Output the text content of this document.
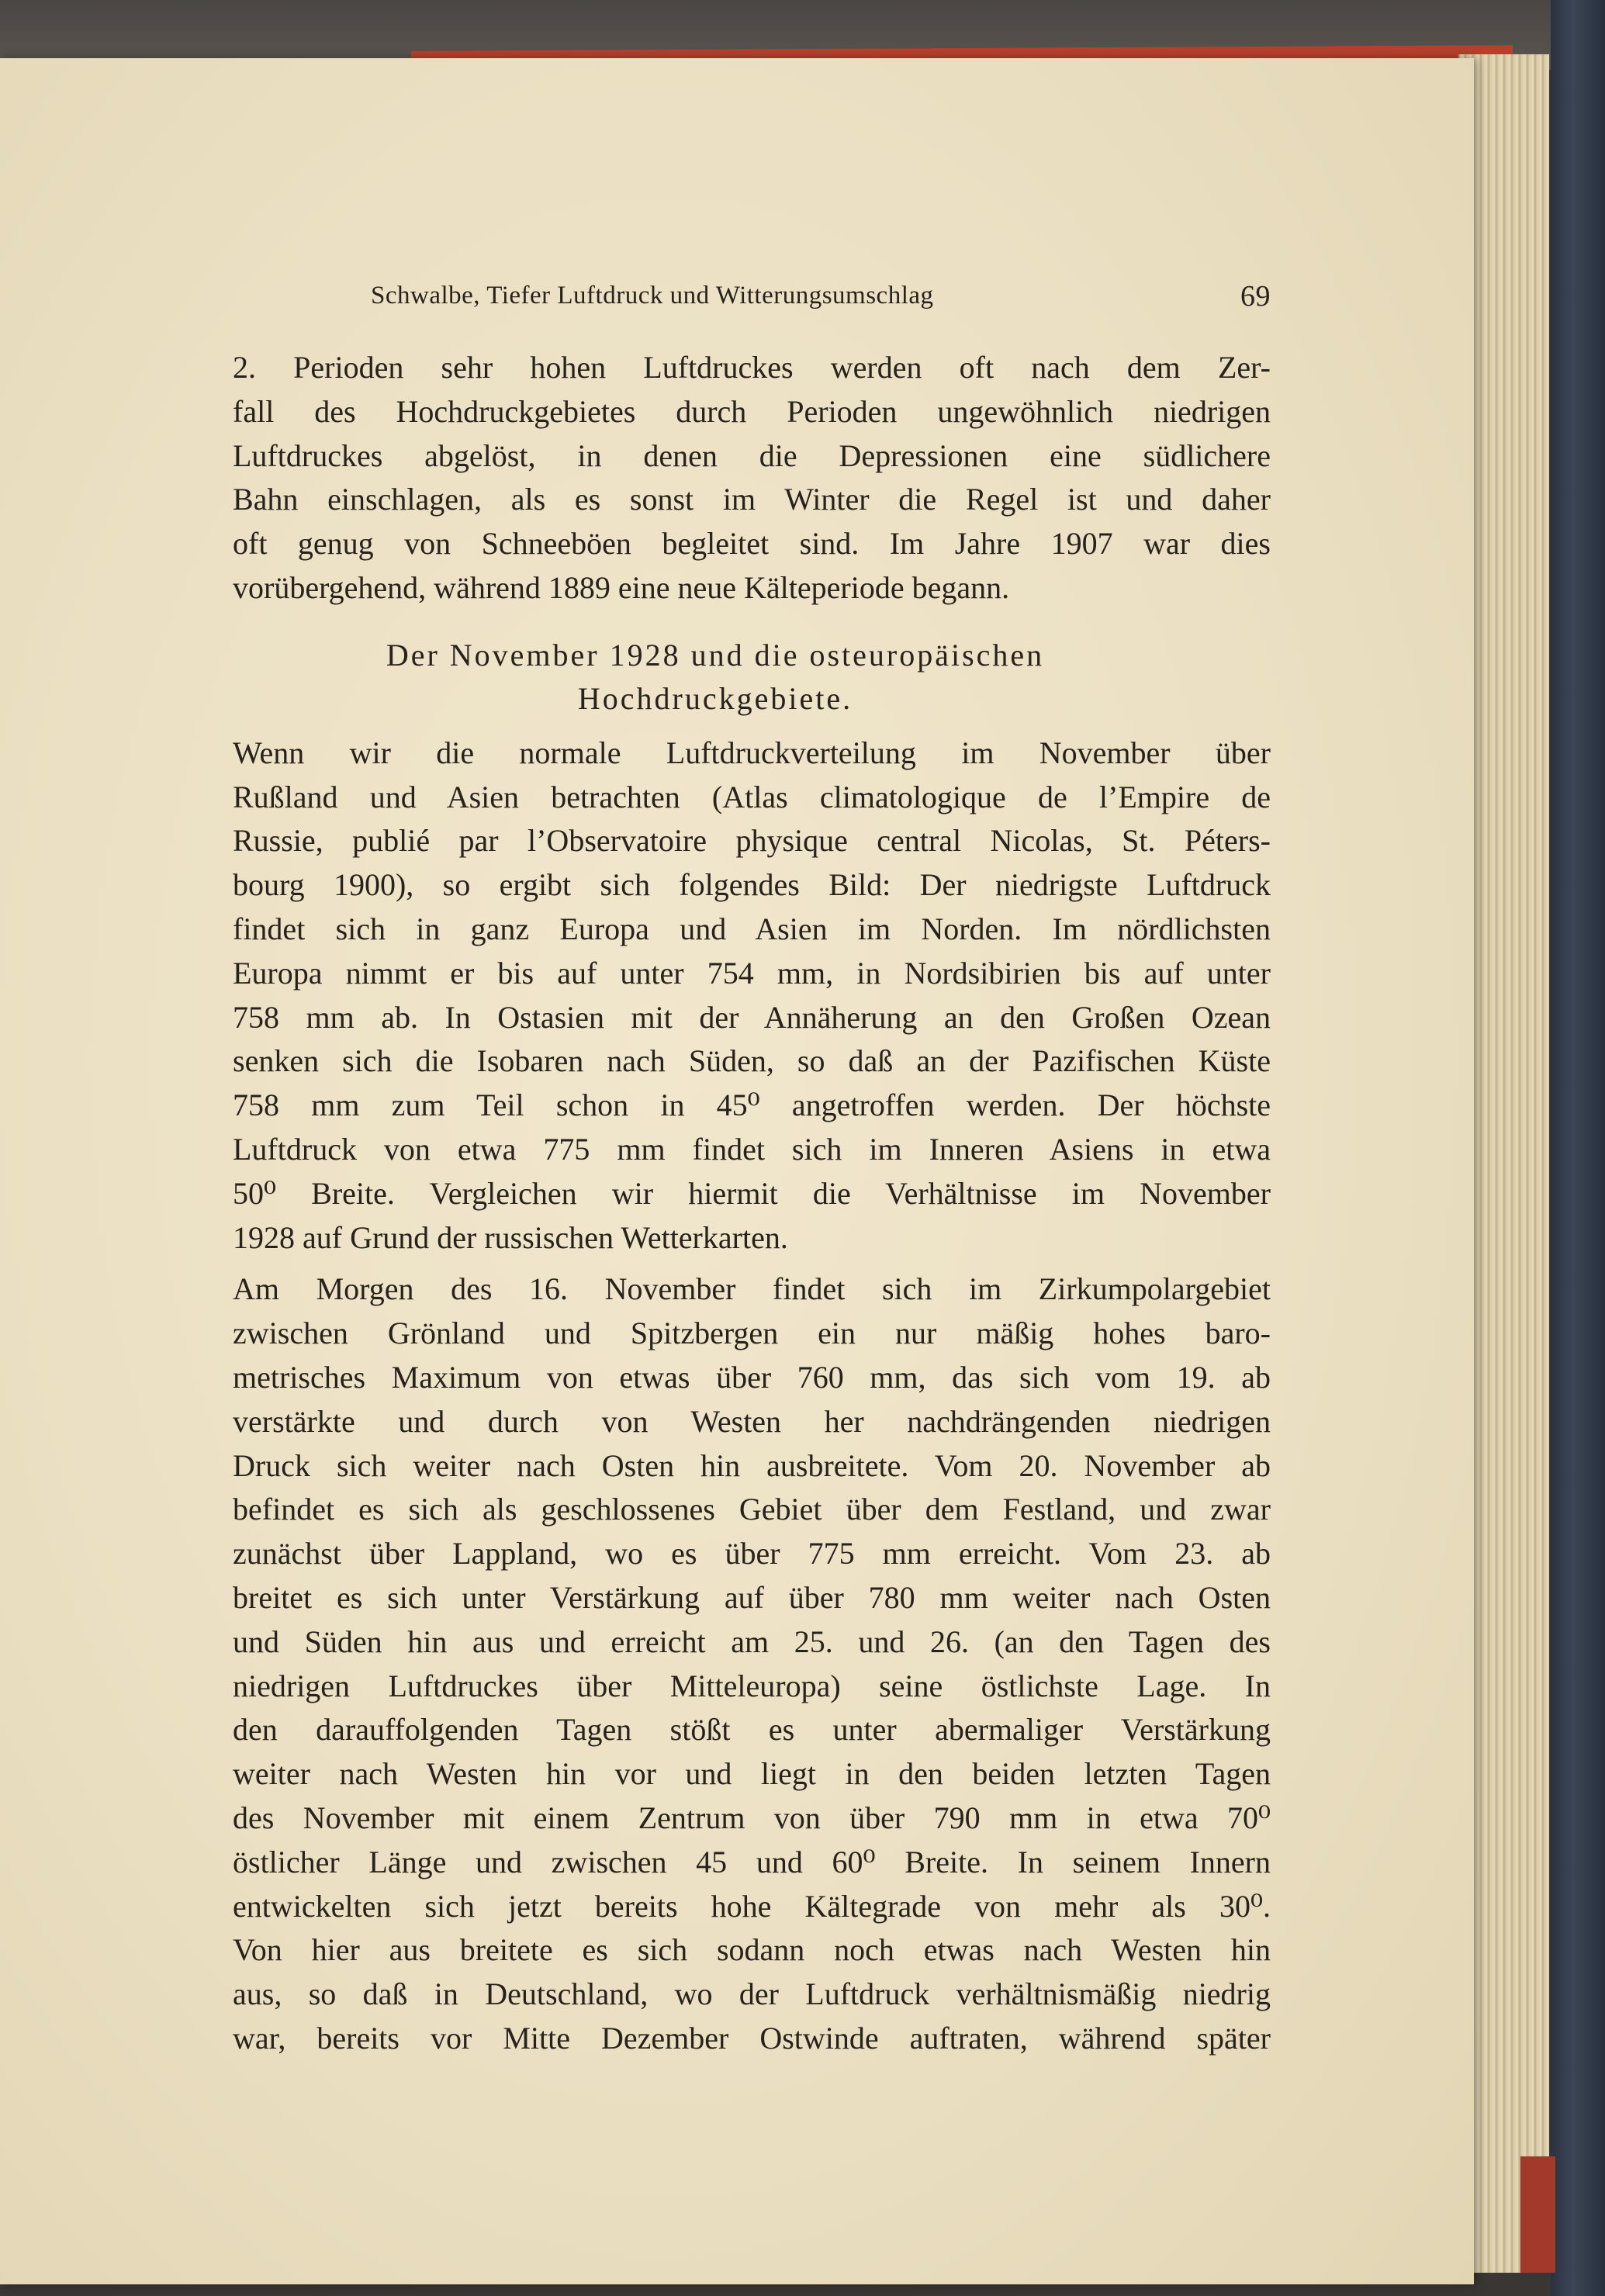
Schwalbe, Tiefer Luftdruck und Witterungsumschlag	69
2. Perioden sehr hohen Luftdruckes werden oft nach dem Zer-
fall des Hochdruckgebietes durch Perioden ungewöhnlich niedrigen
Luftdruckes abgelöst, in denen die Depressionen eine südlichere
Bahn einschlagen, als es sonst im Winter die Regel ist und daher
oft genug von Schneeböen begleitet sind. Im Jahre 1907 war dies
vorübergehend, während 1889 eine neue Kälteperiode begann.
Der November 1928 und die osteuropäischen
Hochdruckgebiete.
Wenn wir die normale Luftdruckverteilung im November über
Rußland und Asien betrachten (Atlas climatologique de l’Empire de
Russie, publié par l’Observatoire physique central Nicolas, St. Péters-
bourg 1900), so ergibt sich folgendes Bild: Der niedrigste Luftdruck
findet sich in ganz Europa und Asien im Norden. Im nördlichsten
Europa nimmt er bis auf unter 754 mm, in Nordsibirien bis auf unter
758 mm ab. In Ostasien mit der Annäherung an den Großen Ozean
senken sich die Isobaren nach Süden, so daß an der Pazifischen Küste
758 mm zum Teil schon in 45⁰ angetroffen werden. Der höchste
Luftdruck von etwa 775 mm findet sich im Inneren Asiens in etwa
50⁰ Breite. Vergleichen wir hiermit die Verhältnisse im November
1928 auf Grund der russischen Wetterkarten.
Am Morgen des 16. November findet sich im Zirkumpolargebiet
zwischen Grönland und Spitzbergen ein nur mäßig hohes baro-
metrisches Maximum von etwas über 760 mm, das sich vom 19. ab
verstärkte und durch von Westen her nachdrängenden niedrigen
Druck sich weiter nach Osten hin ausbreitete. Vom 20. November ab
befindet es sich als geschlossenes Gebiet über dem Festland, und zwar
zunächst über Lappland, wo es über 775 mm erreicht. Vom 23. ab
breitet es sich unter Verstärkung auf über 780 mm weiter nach Osten
und Süden hin aus und erreicht am 25. und 26. (an den Tagen des
niedrigen Luftdruckes über Mitteleuropa) seine östlichste Lage. In
den darauffolgenden Tagen stößt es unter abermaliger Verstärkung
weiter nach Westen hin vor und liegt in den beiden letzten Tagen
des November mit einem Zentrum von über 790 mm in etwa 70⁰
östlicher Länge und zwischen 45 und 60⁰ Breite. In seinem Innern
entwickelten sich jetzt bereits hohe Kältegrade von mehr als 30⁰.
Von hier aus breitete es sich sodann noch etwas nach Westen hin
aus, so daß in Deutschland, wo der Luftdruck verhältnismäßig niedrig
war, bereits vor Mitte Dezember Ostwinde auftraten, während später
